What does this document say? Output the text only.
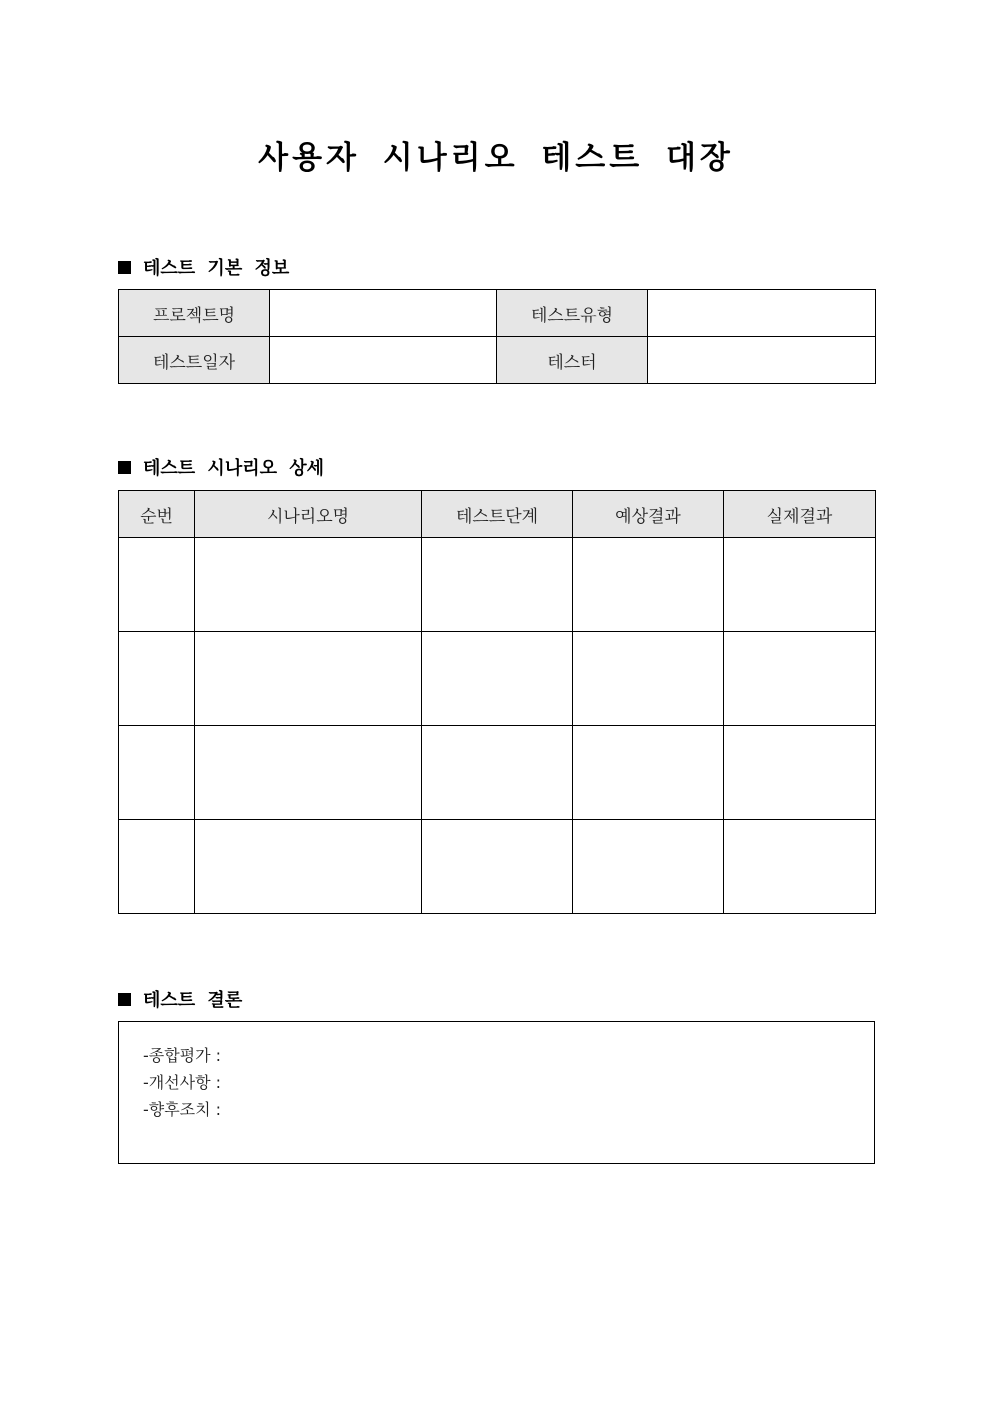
사용자 시나리오 테스트 대장
테스트 기본 정보
프로젝트명		테스트유형	
테스트일자		테스터	
테스트 시나리오 상세
순번	시나리오명	테스트단계	예상결과	실제결과

테스트 결론
-종합평가 :
-개선사항 :
-향후조치 :
